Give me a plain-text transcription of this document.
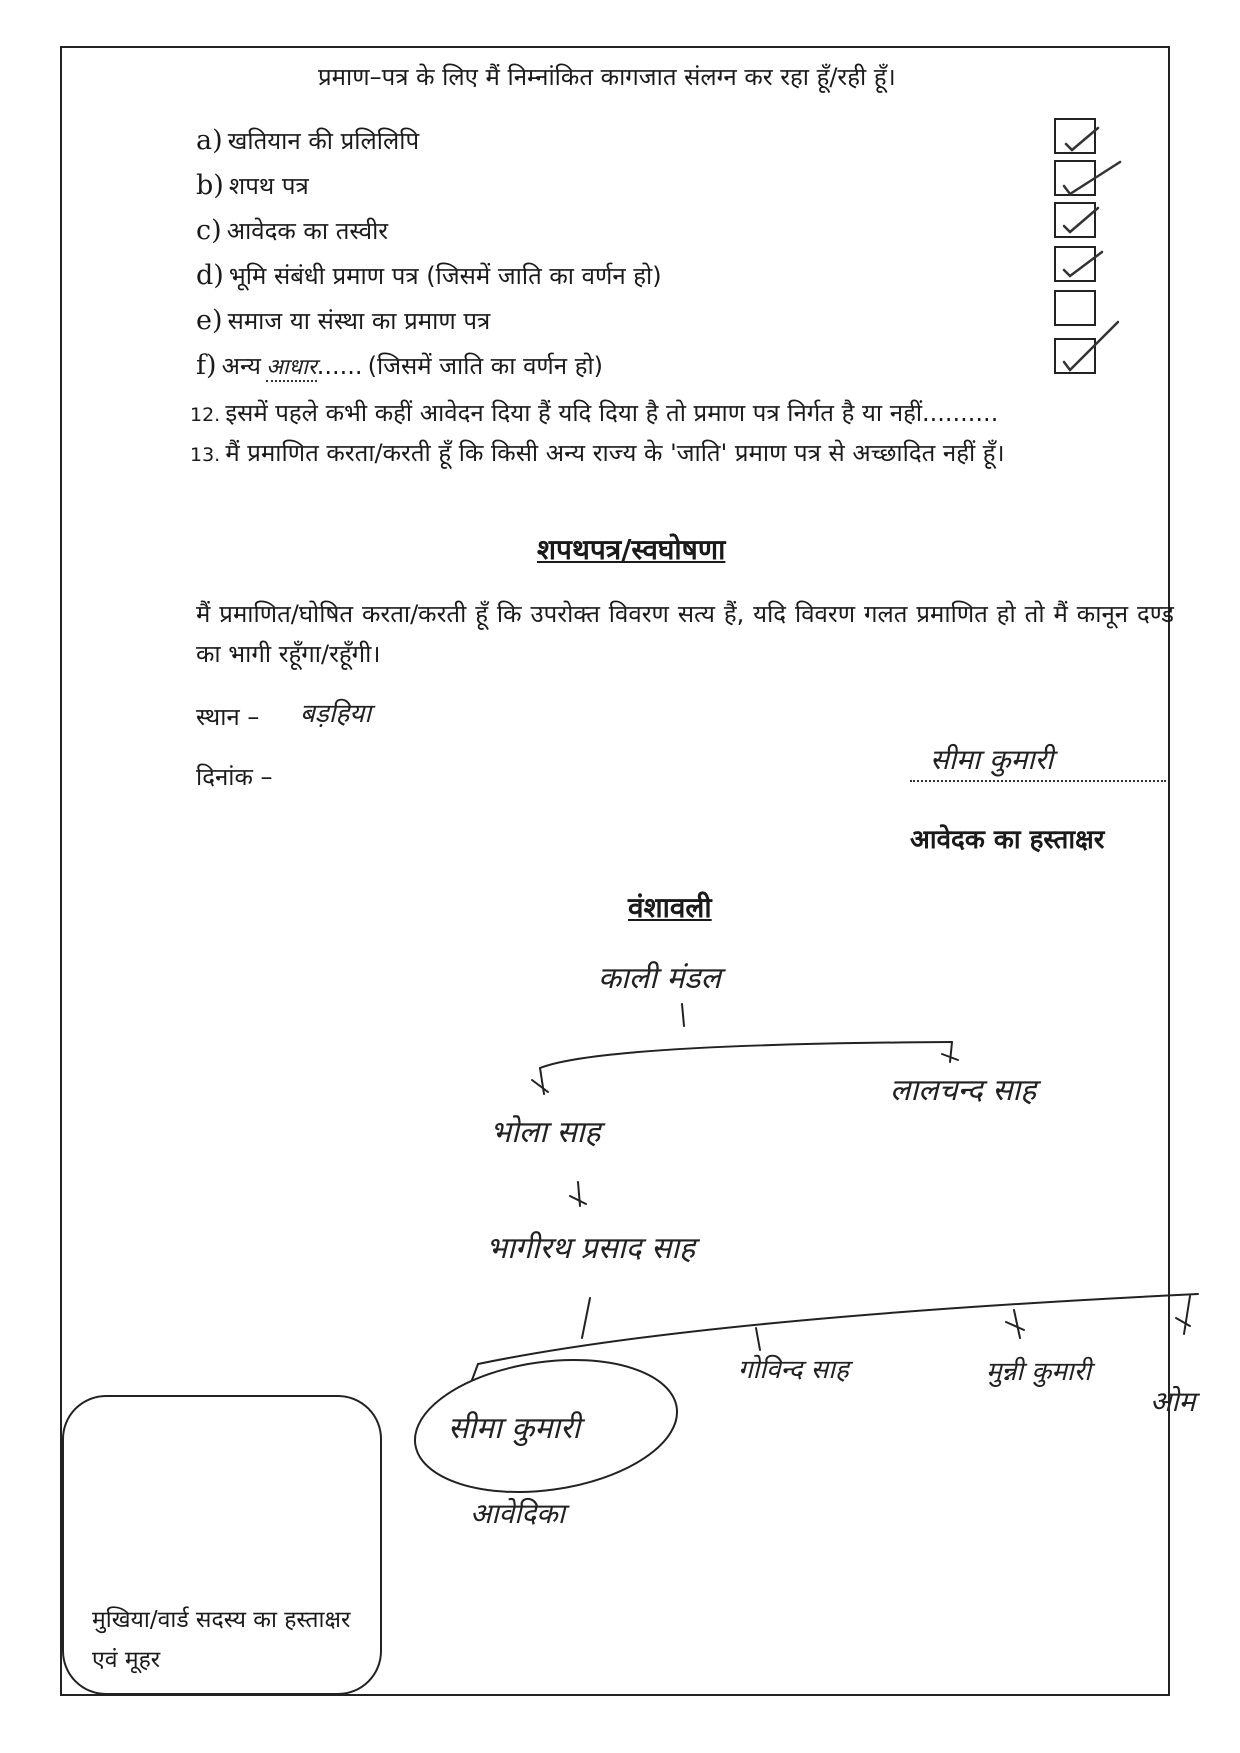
प्रमाण–पत्र के लिए मैं निम्नांकित कागजात संलग्न कर रहा हूँ/रही हूँ।
a) खतियान की प्रलिलिपि
b) शपथ पत्र
c) आवेदक का तस्वीर
d) भूमि संबंधी प्रमाण पत्र (जिसमें जाति का वर्णन हो)
e) समाज या संस्था का प्रमाण पत्र
f) अन्य आधार...... (जिसमें जाति का वर्णन हो)
12. इसमें पहले कभी कहीं आवेदन दिया हैं यदि दिया है तो प्रमाण पत्र निर्गत है या नहीं..........
13. मैं प्रमाणित करता/करती हूँ कि किसी अन्य राज्य के 'जाति' प्रमाण पत्र से अच्छादित नहीं हूँ।
शपथपत्र/स्वघोषणा
मैं प्रमाणित/घोषित करता/करती हूँ कि उपरोक्त विवरण सत्य हैं, यदि विवरण गलत प्रमाणित हो तो मैं कानून दण्ड का भागी रहूँगा/रहूँगी।
स्थान – बड़हिया
दिनांक –
सीमा कुमारी
आवेदक का हस्ताक्षर
वंशावली
काली मंडल
भोला साह
लालचन्द साह
भागीरथ प्रसाद साह
सीमा कुमारी
गोविन्द साह	मुन्नी कुमारी
ओम
आवेदिका
मुखिया/वार्ड सदस्य का हस्ताक्षर एवं मूहर
